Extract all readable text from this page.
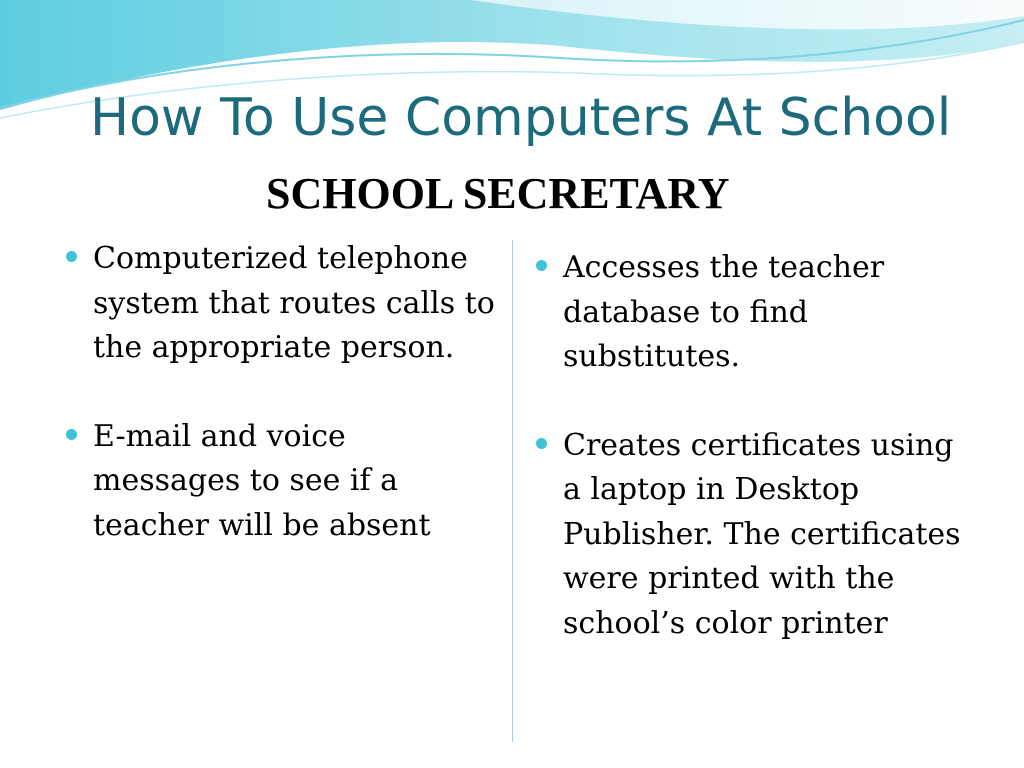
How To Use Computers At School
SCHOOL SECRETARY
Computerized telephone system that routes calls to the appropriate person.
E-mail and voice messages to see if a teacher will be absent
Accesses the teacher database to find substitutes.
Creates certificates using a laptop in Desktop Publisher. The certificates were printed with the school’s color printer
